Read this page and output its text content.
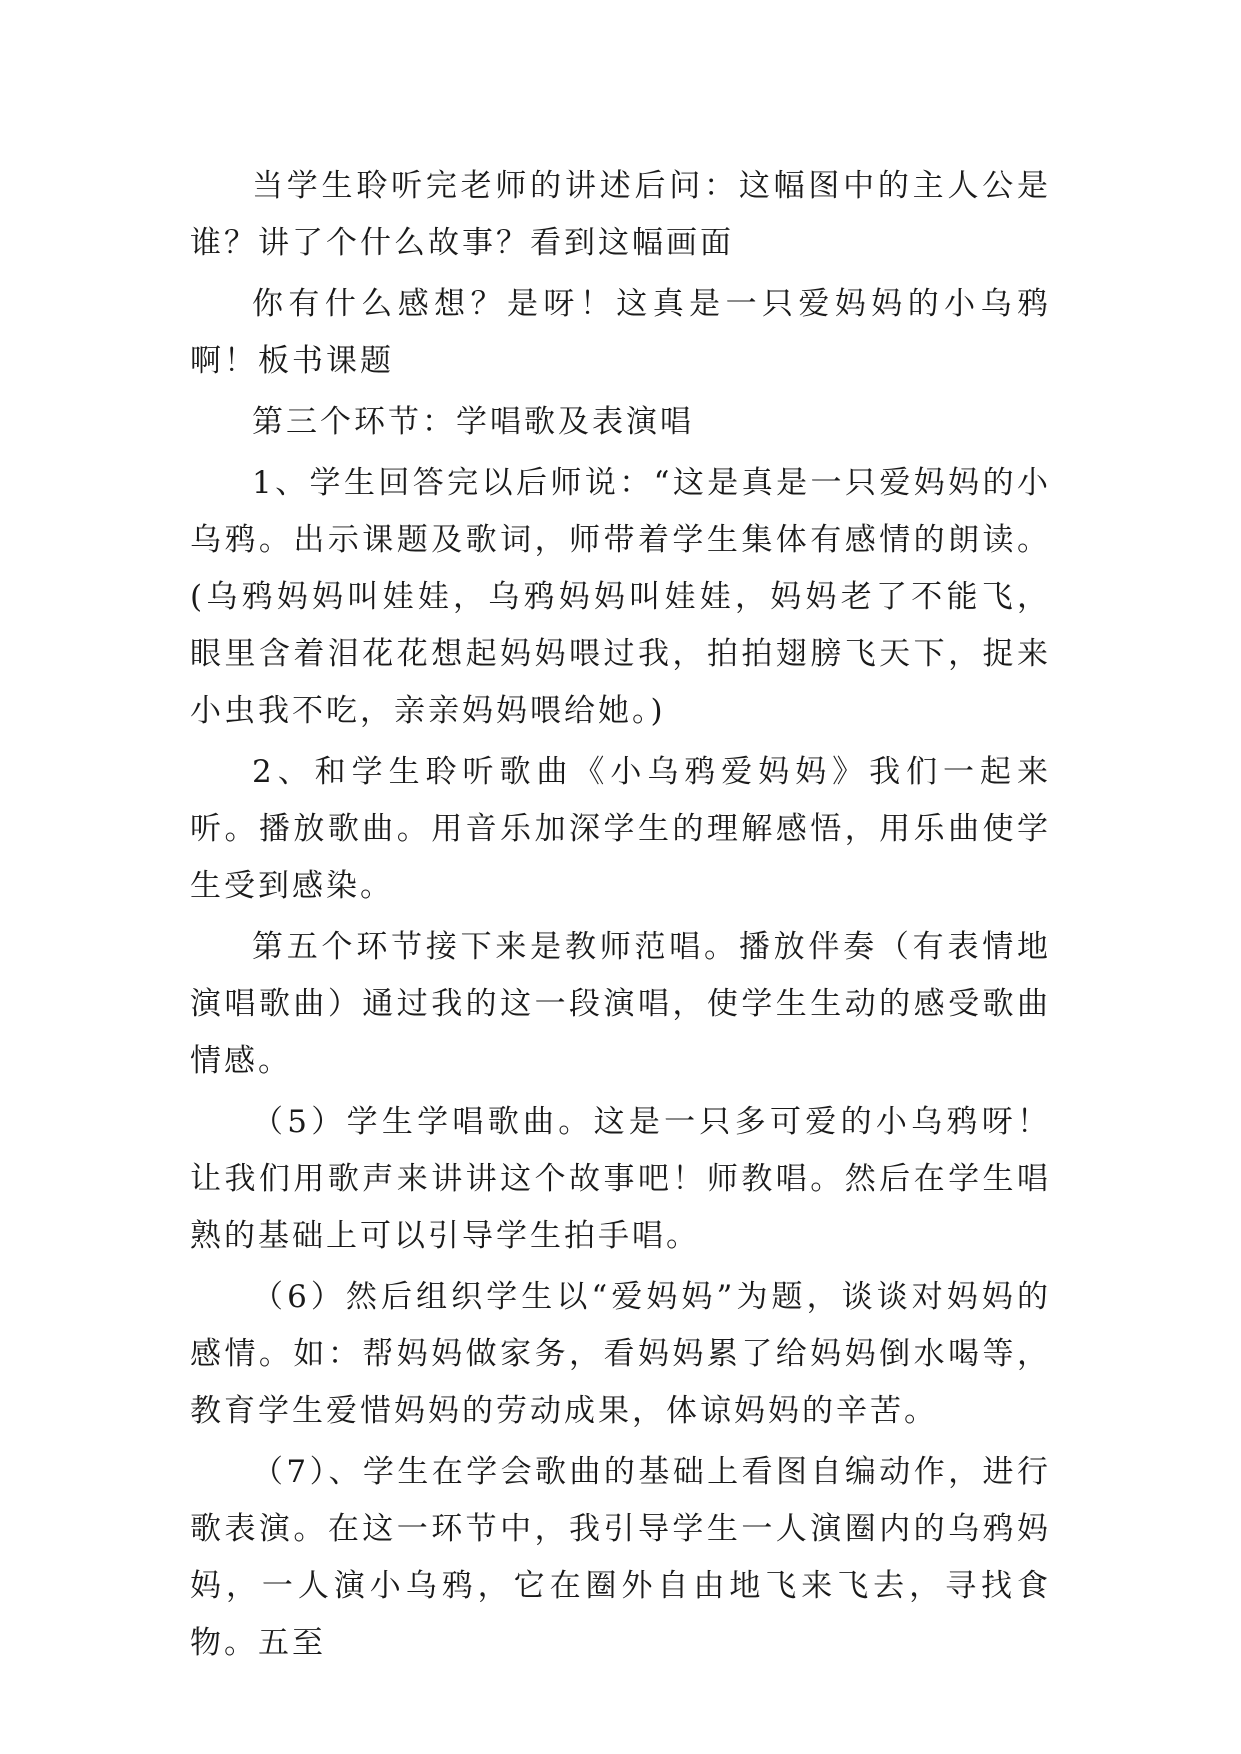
当学生聆听完老师的讲述后问：这幅图中的主人公是谁？讲了个什么故事？看到这幅画面

你有什么感想？是呀！这真是一只爱妈妈的小乌鸦啊！板书课题

第三个环节：学唱歌及表演唱

1、学生回答完以后师说：“这是真是一只爱妈妈的小乌鸦。出示课题及歌词，师带着学生集体有感情的朗读。(乌鸦妈妈叫娃娃，乌鸦妈妈叫娃娃，妈妈老了不能飞，眼里含着泪花花想起妈妈喂过我，拍拍翅膀飞天下，捉来小虫我不吃，亲亲妈妈喂给她。)

2、和学生聆听歌曲《小乌鸦爱妈妈》我们一起来听。播放歌曲。用音乐加深学生的理解感悟，用乐曲使学生受到感染。

第五个环节接下来是教师范唱。播放伴奏（有表情地演唱歌曲）通过我的这一段演唱，使学生生动的感受歌曲情感。

（5）学生学唱歌曲。这是一只多可爱的小乌鸦呀！让我们用歌声来讲讲这个故事吧！师教唱。然后在学生唱熟的基础上可以引导学生拍手唱。

（6）然后组织学生以“爱妈妈”为题，谈谈对妈妈的感情。如：帮妈妈做家务，看妈妈累了给妈妈倒水喝等，教育学生爱惜妈妈的劳动成果，体谅妈妈的辛苦。

（7）、学生在学会歌曲的基础上看图自编动作，进行歌表演。在这一环节中，我引导学生一人演圈内的乌鸦妈妈，一人演小乌鸦，它在圈外自由地飞来飞去，寻找食物。五至
